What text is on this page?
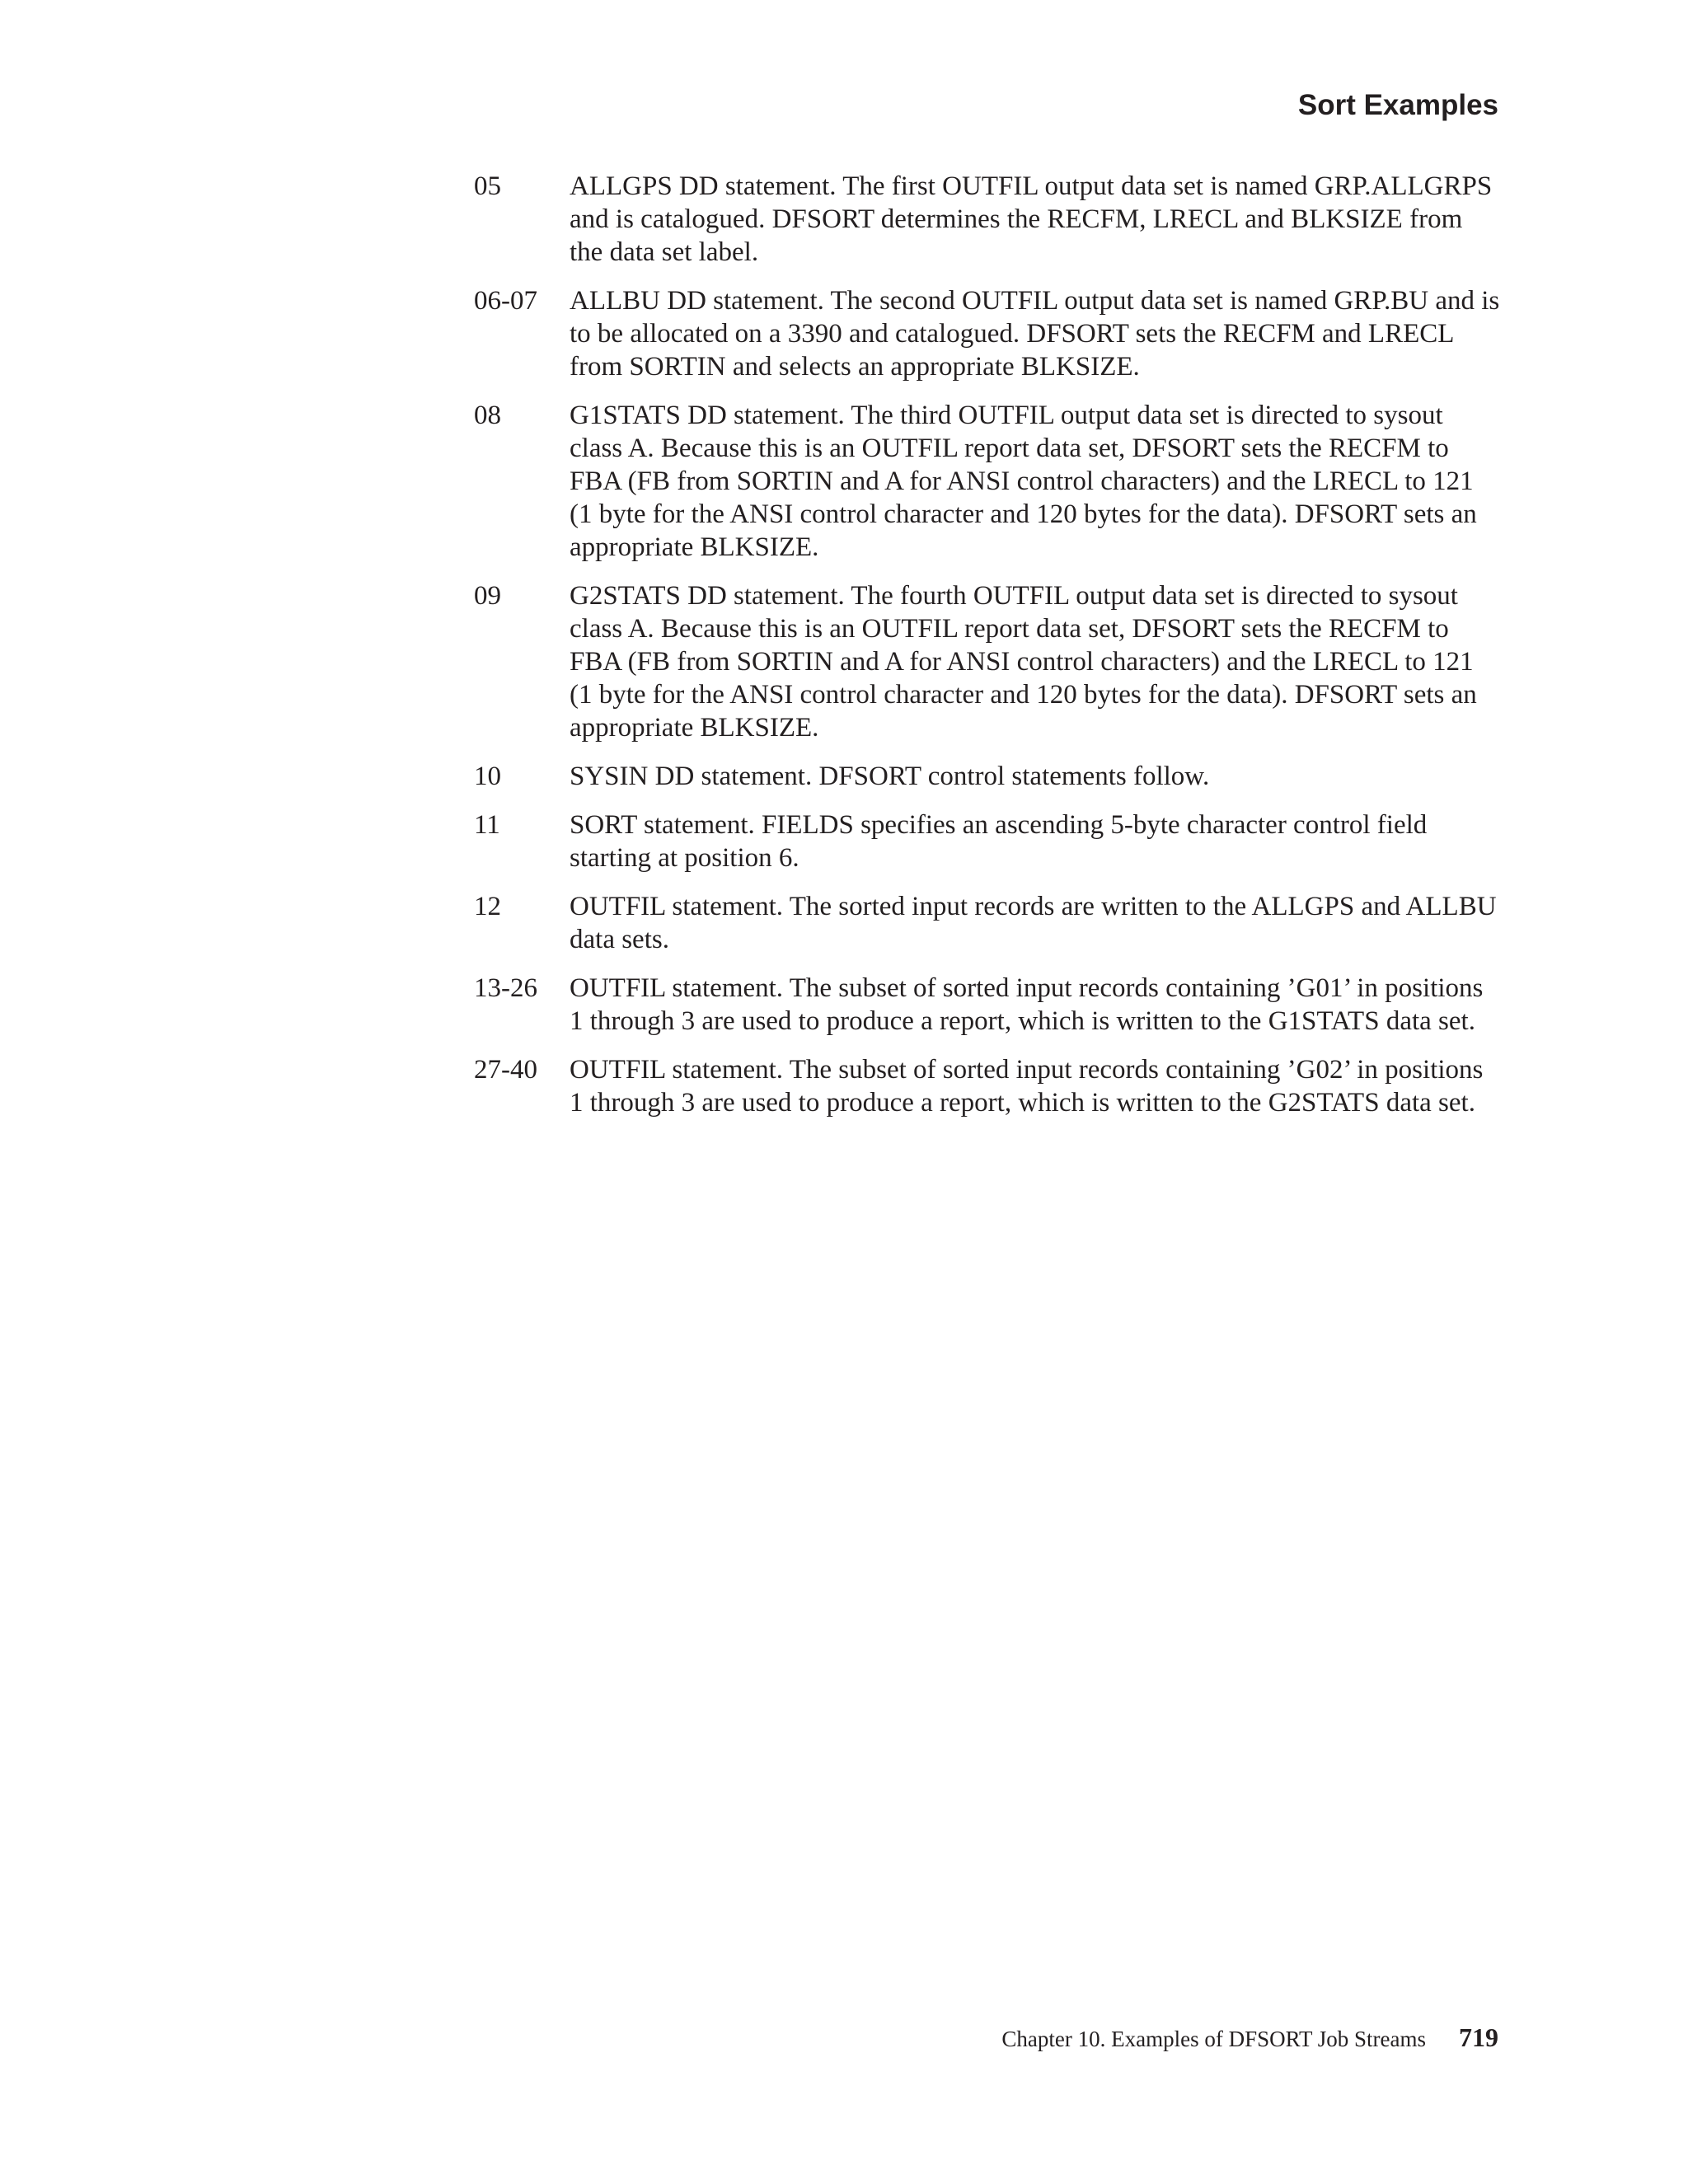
Sort Examples
05	ALLGPS DD statement. The first OUTFIL output data set is named GRP.ALLGRPS and is catalogued. DFSORT determines the RECFM, LRECL and BLKSIZE from the data set label.
06-07	ALLBU DD statement. The second OUTFIL output data set is named GRP.BU and is to be allocated on a 3390 and catalogued. DFSORT sets the RECFM and LRECL from SORTIN and selects an appropriate BLKSIZE.
08	G1STATS DD statement. The third OUTFIL output data set is directed to sysout class A. Because this is an OUTFIL report data set, DFSORT sets the RECFM to FBA (FB from SORTIN and A for ANSI control characters) and the LRECL to 121 (1 byte for the ANSI control character and 120 bytes for the data). DFSORT sets an appropriate BLKSIZE.
09	G2STATS DD statement. The fourth OUTFIL output data set is directed to sysout class A. Because this is an OUTFIL report data set, DFSORT sets the RECFM to FBA (FB from SORTIN and A for ANSI control characters) and the LRECL to 121 (1 byte for the ANSI control character and 120 bytes for the data). DFSORT sets an appropriate BLKSIZE.
10	SYSIN DD statement. DFSORT control statements follow.
11	SORT statement. FIELDS specifies an ascending 5-byte character control field starting at position 6.
12	OUTFIL statement. The sorted input records are written to the ALLGPS and ALLBU data sets.
13-26	OUTFIL statement. The subset of sorted input records containing ’G01’ in positions 1 through 3 are used to produce a report, which is written to the G1STATS data set.
27-40	OUTFIL statement. The subset of sorted input records containing ’G02’ in positions 1 through 3 are used to produce a report, which is written to the G2STATS data set.
Chapter 10. Examples of DFSORT Job Streams 719
